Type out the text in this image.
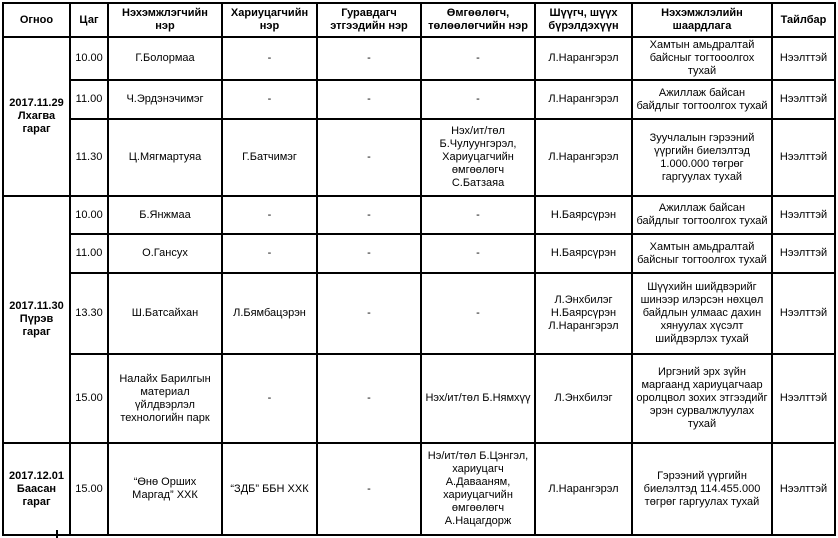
Огноо	Цаг	Нэхэмжлэгчийн нэр	Хариуцагчийн нэр	Гуравдагч этгээдийн нэр	Өмгөөлөгч, төлөөлөгчийн нэр	Шүүгч, шүүх бүрэлдэхүүн	Нэхэмжлэлийн шаардлага	Тайлбар

2017.11.29
Лхагва гараг	10.00	Г.Болормаа	-	-	-	Л.Нарангэрэл	Хамтын амьдралтай байсныг тогтооолгох тухай	Нээлттэй
	11.00	Ч.Эрдэнэчимэг	-	-	-	Л.Нарангэрэл	Ажиллаж байсан байдлыг тогтоолгох тухай	Нээлттэй
	11.30	Ц.Мягмартуяа	Г.Батчимэг	-	Нэх/ит/төл Б.Чулуунгэрэл, Хариуцагчийн өмгөөлөгч С.Батзаяа	Л.Нарангэрэл	Зуучлалын гэрээний үүргийн биелэлтэд 1.000.000 төгрөг гаргуулах тухай	Нээлттэй

2017.11.30
Пүрэв гараг	10.00	Б.Янжмаа	-	-	-	Н.Баярсүрэн	Ажиллаж байсан байдлыг тогтоолгох тухай	Нээлттэй
	11.00	О.Гансух	-	-	-	Н.Баярсүрэн	Хамтын амьдралтай байсныг тогтоолгох тухай	Нээлттэй
	13.30	Ш.Батсайхан	Л.Бямбацэрэн	-	-	Л.Энхбилэг Н.Баярсүрэн Л.Нарангэрэл	Шүүхийн шийдвэрийг шинээр илэрсэн нөхцөл байдлын улмаас дахин хянуулах хүсэлт шийдвэрлэх тухай	Нээлттэй
	15.00	Налайх Барилгын материал үйлдвэрлэл технологийн парк	-	-	Нэх/ит/төл Б.Нямхүү	Л.Энхбилэг	Иргэний эрх зүйн маргаанд хариуцагчаар оролцвол зохих этгээдийг эрэн сурвалжлуулах тухай	Нээлттэй

2017.12.01
Баасан гараг	15.00	“Өнө Орших Маргад” ХХК	“ЗДБ” ББН ХХК	-	Нэ/ит/төл Б.Цэнгэл, хариуцагч А.Давааням, хариуцагчийн өмгөөлөгч А.Нацагдорж	Л.Нарангэрэл	Гэрээний үүргийн биелэлтэд 114.455.000 төгрөг гаргуулах тухай	Нээлттэй
